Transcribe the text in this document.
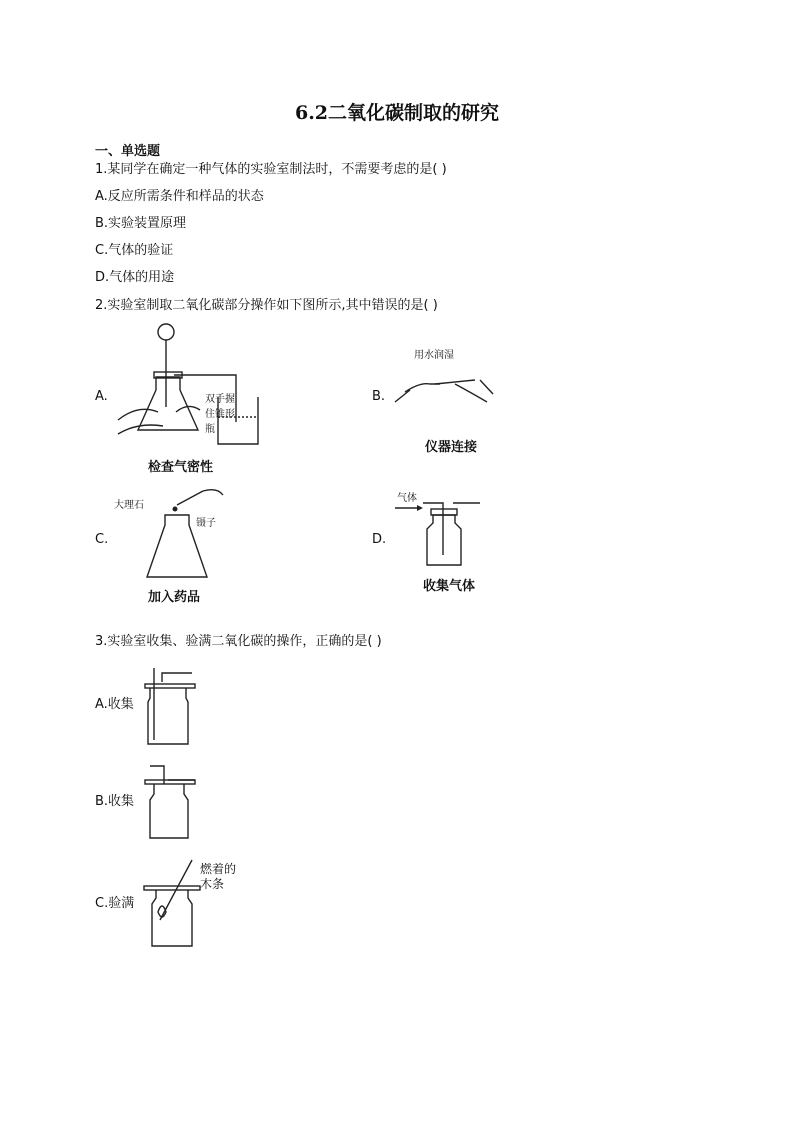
6.2二氧化碳制取的研究
一、单选题
1.某同学在确定一种气体的实验室制法时，不需要考虑的是( )
A.反应所需条件和样品的状态
B.实验装置原理
C.气体的验证
D.气体的用途
2.实验室制取二氧化碳部分操作如下图所示,其中错误的是( )
A.	双手握住锥形瓶
检查气密性
B.
用水润湿
仪器连接
C.
大理石
镊子
加入药品
D.
气体
收集气体
3.实验室收集、验满二氧化碳的操作，正确的是( )
A.收集
B.收集
C.验满
燃着的木条
